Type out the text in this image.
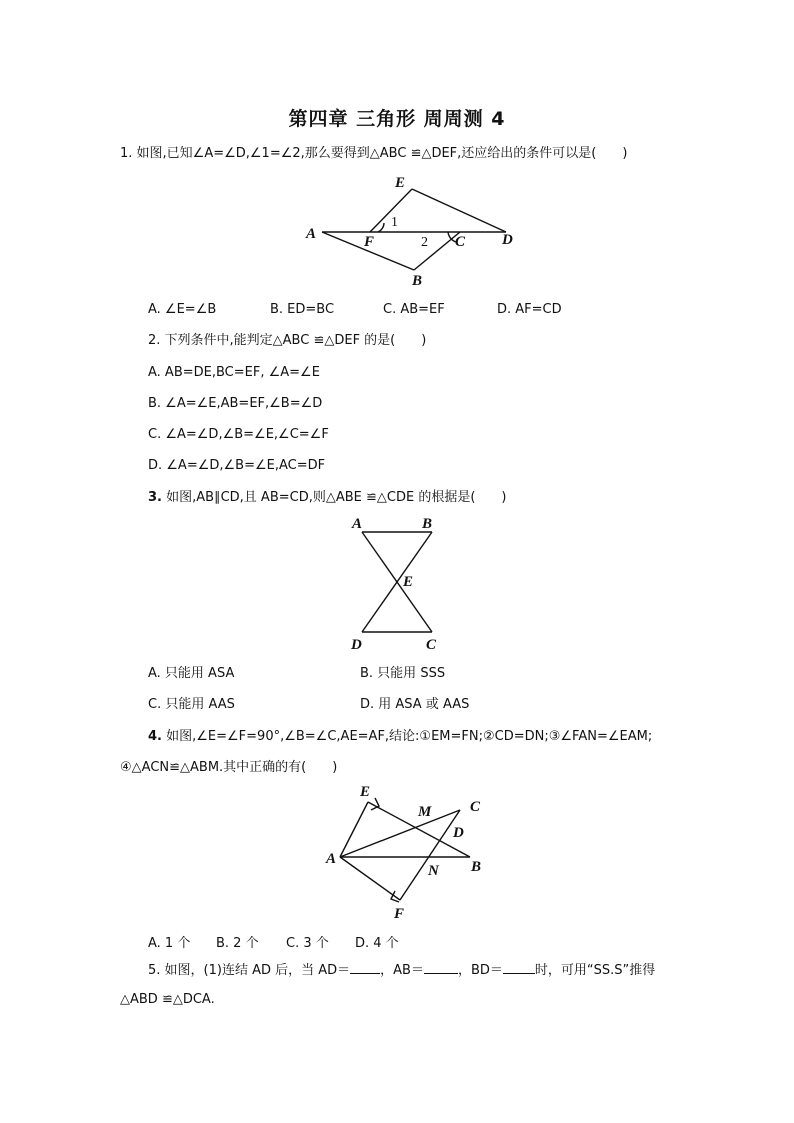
第四章 三角形 周周测 4
1. 如图,已知∠A=∠D,∠1=∠2,那么要得到△ABC ≌△DEF,还应给出的条件可以是(　　)
E
A	F	C D
B
1
2
A. ∠E=∠B	B. ED=BC	C. AB=EF	D. AF=CD
2. 下列条件中,能判定△ABC ≌△DEF 的是(　　)
A. AB=DE,BC=EF, ∠A=∠E
B. ∠A=∠E,AB=EF,∠B=∠D
C. ∠A=∠D,∠B=∠E,∠C=∠F
D. ∠A=∠D,∠B=∠E,AC=DF
3. 如图,AB∥CD,且 AB=CD,则△ABE ≌△CDE 的根据是(　　)
A	B
E
D	C
A. 只能用 ASA	B. 只能用 SSS
C. 只能用 AAS	D. 用 ASA 或 AAS
4. 如图,∠E=∠F=90°,∠B=∠C,AE=AF,结论:①EM=FN;②CD=DN;③∠FAN=∠EAM;
④△ACN≌△ABM.其中正确的有(　　)
E
M	C
D
A	B
N
F
A. 1 个 B. 2 个 C. 3 个 D. 4 个
5. 如图，(1)连结 AD 后，当 AD＝ ，AB＝	，BD＝ 时，可用“SS.S”推得
△ABD ≌△DCA.
